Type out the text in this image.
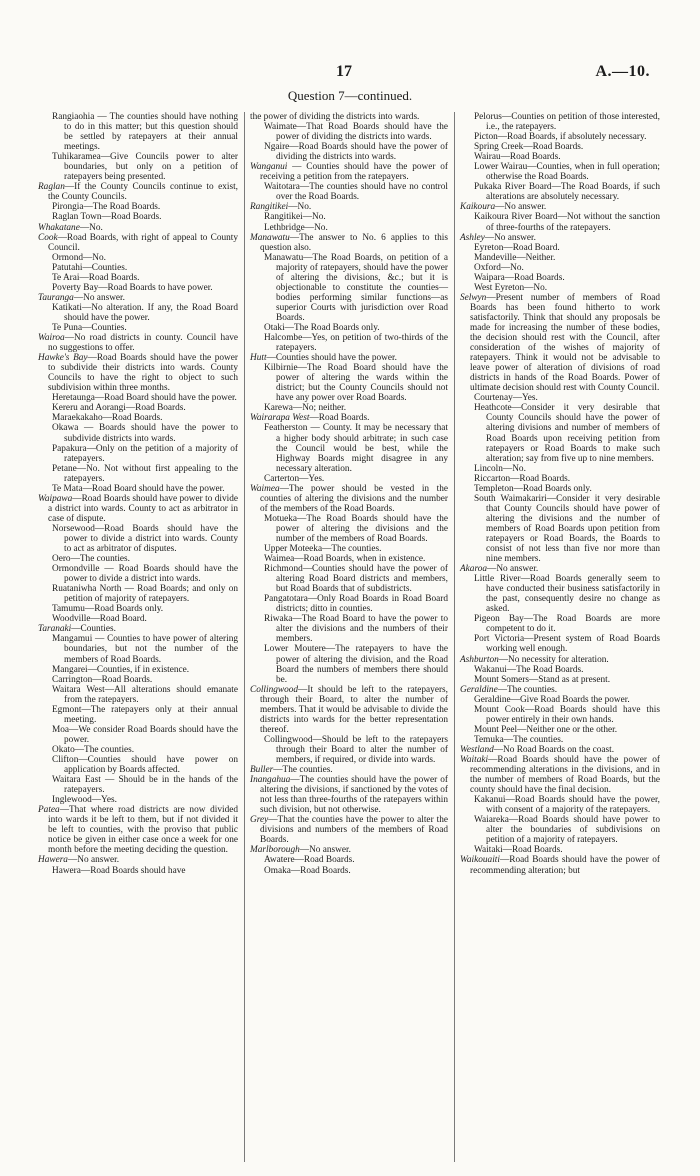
17	A.—10.
Question 7—continued.

Rangiaohia — The counties should have nothing to do in this matter; but this question should be settled by ratepayers at their annual meetings.

Tuhikaramea—Give Councils power to alter boundaries, but only on a petition of ratepayers being presented.

Raglan—If the County Councils continue to exist, the County Councils.

Pirongia—The Road Boards.

Raglan Town—Road Boards.

Whakatane—No.

Cook—Road Boards, with right of appeal to County Council.

Ormond—No.

Patutahi—Counties.

Te Arai—Road Boards.

Poverty Bay—Road Boards to have power.

Tauranga—No answer.

Katikati—No alteration. If any, the Road Board should have the power.

Te Puna—Counties.

Wairoa—No road districts in county. Council have no suggestions to offer.

Hawke's Bay—Road Boards should have the power to subdivide their districts into wards. County Councils to have the right to object to such subdivision within three months.

Heretaunga—Road Board should have the power.

Kereru and Aorangi—Road Boards.

Maraekakaho—Road Boards.

Okawa — Boards should have the power to subdivide districts into wards.

Papakura—Only on the petition of a majority of ratepayers.

Petane—No. Not without first appealing to the ratepayers.

Te Mata—Road Board should have the power.

Waipawa—Road Boards should have power to divide a district into wards. County to act as arbitrator in case of dispute.

Norsewood—Road Boards should have the power to divide a district into wards. County to act as arbitrator of disputes.

Oero—The counties.

Ormondville — Road Boards should have the power to divide a district into wards.

Ruataniwha North — Road Boards; and only on petition of majority of ratepayers.

Tamumu—Road Boards only.

Woodville—Road Board.

Taranaki—Counties.

Mangamui — Counties to have power of altering boundaries, but not the number of the members of Road Boards.

Mangarei—Counties, if in existence.

Carrington—Road Boards.

Waitara West—All alterations should emanate from the ratepayers.

Egmont—The ratepayers only at their annual meeting.

Moa—We consider Road Boards should have the power.

Okato—The counties.

Clifton—Counties should have power on application by Boards affected.

Waitara East — Should be in the hands of the ratepayers.

Inglewood—Yes.

Patea—That where road districts are now divided into wards it be left to them, but if not divided it be left to counties, with the proviso that public notice be given in either case once a week for one month before the meeting deciding the question.

Hawera—No answer.

Hawera—Road Boards should have

the power of dividing the districts into wards.

Waimate—That Road Boards should have the power of dividing the districts into wards.

Ngaire—Road Boards should have the power of dividing the districts into wards.

Wanganui — Counties should have the power of receiving a petition from the ratepayers.

Waitotara—The counties should have no control over the Road Boards.

Rangitikei—No.

Rangitikei—No.

Lethbridge—No.

Manawatu—The answer to No. 6 applies to this question also.

Manawatu—The Road Boards, on petition of a majority of ratepayers, should have the power of altering the divisions, &c.; but it is objectionable to constitute the counties—bodies performing similar functions—as superior Courts with jurisdiction over Road Boards.

Otaki—The Road Boards only.

Halcombe—Yes, on petition of two-thirds of the ratepayers.

Hutt—Counties should have the power.

Kilbirnie—The Road Board should have the power of altering the wards within the district; but the County Councils should not have any power over Road Boards.

Karewa—No; neither.

Wairarapa West—Road Boards.

Featherston — County. It may be necessary that a higher body should arbitrate; in such case the Council would be best, while the Highway Boards might disagree in any necessary alteration.

Carterton—Yes.

Waimea—The power should be vested in the counties of altering the divisions and the number of the members of the Road Boards.

Motueka—The Road Boards should have the power of altering the divisions and the number of the members of Road Boards.

Upper Moteeka—The counties.

Waimea—Road Boards, when in existence.

Richmond—Counties should have the power of altering Road Board districts and members, but Road Boards that of subdistricts.

Pangatotara—Only Road Boards in Road Board districts; ditto in counties.

Riwaka—The Road Board to have the power to alter the divisions and the numbers of their members.

Lower Moutere—The ratepayers to have the power of altering the division, and the Road Board the numbers of members there should be.

Collingwood—It should be left to the ratepayers, through their Board, to alter the number of members. That it would be advisable to divide the districts into wards for the better representation thereof.

Collingwood—Should be left to the ratepayers through their Board to alter the number of members, if required, or divide into wards.

Buller—The counties.

Inangahua—The counties should have the power of altering the divisions, if sanctioned by the votes of not less than three-fourths of the ratepayers within such division, but not otherwise.

Grey—That the counties have the power to alter the divisions and numbers of the members of Road Boards.

Marlborough—No answer.

Awatere—Road Boards.

Omaka—Road Boards.

Pelorus—Counties on petition of those interested, i.e., the ratepayers.

Picton—Road Boards, if absolutely necessary.

Spring Creek—Road Boards.

Wairau—Road Boards.

Lower Wairau—Counties, when in full operation; otherwise the Road Boards.

Pukaka River Board—The Road Boards, if such alterations are absolutely necessary.

Kaikoura—No answer.

Kaikoura River Board—Not without the sanction of three-fourths of the ratepayers.

Ashley—No answer.

Eyreton—Road Board.

Mandeville—Neither.

Oxford—No.

Waipara—Road Boards.

West Eyreton—No.

Selwyn—Present number of members of Road Boards has been found hitherto to work satisfactorily. Think that should any proposals be made for increasing the number of these bodies, the decision should rest with the Council, after consideration of the wishes of majority of ratepayers. Think it would not be advisable to leave power of alteration of divisions of road districts in hands of the Road Boards. Power of ultimate decision should rest with County Council.

Courtenay—Yes.

Heathcote—Consider it very desirable that County Councils should have the power of altering divisions and number of members of Road Boards upon receiving petition from ratepayers or Road Boards to make such alteration; say from five up to nine members.

Lincoln—No.

Riccarton—Road Boards.

Templeton—Road Boards only.

South Waimakariri—Consider it very desirable that County Councils should have power of altering the divisions and the number of members of Road Boards upon petition from ratepayers or Road Boards, the Boards to consist of not less than five nor more than nine members.

Akaroa—No answer.

Little River—Road Boards generally seem to have conducted their business satisfactorily in the past, consequently desire no change as asked.

Pigeon Bay—The Road Boards are more competent to do it.

Port Victoria—Present system of Road Boards working well enough.

Ashburton—No necessity for alteration.

Wakanui—The Road Boards.

Mount Somers—Stand as at present.

Geraldine—The counties.

Geraldine—Give Road Boards the power.

Mount Cook—Road Boards should have this power entirely in their own hands.

Mount Peel—Neither one or the other.

Temuka—The counties.

Westland—No Road Boards on the coast.

Waitaki—Road Boards should have the power of recommending alterations in the divisions, and in the number of members of Road Boards, but the county should have the final decision.

Kakanui—Road Boards should have the power, with consent of a majority of the ratepayers.

Waiareka—Road Boards should have power to alter the boundaries of subdivisions on petition of a majority of ratepayers.

Waitaki—Road Boards.

Waikouaiti—Road Boards should have the power of recommending alteration; but
